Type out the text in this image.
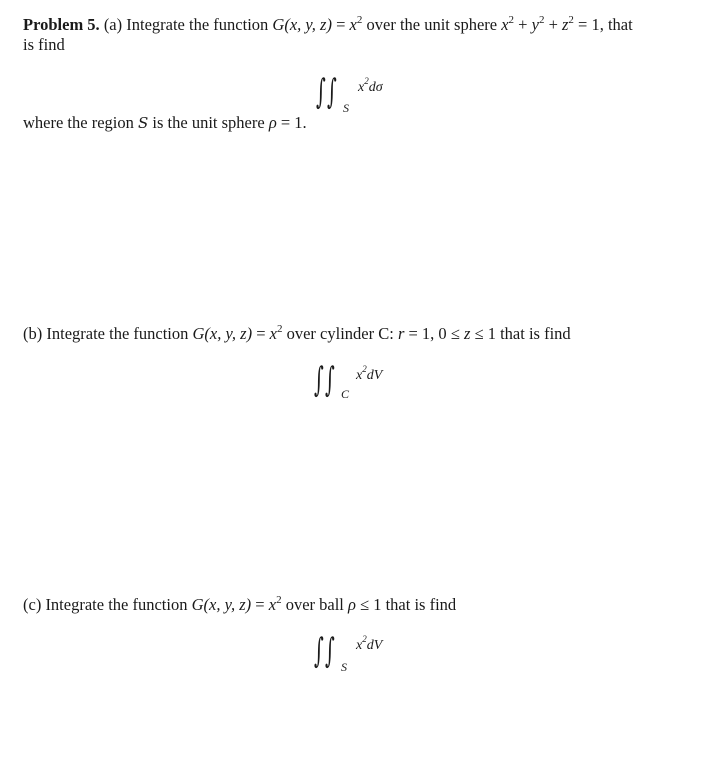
Problem 5. (a) Integrate the function G(x, y, $z) = x^2$ over the unit sphere $x^2 + y^2 + z^2 = 1$, that
is find

∫ ∫ S
$x^2d\sigma$

where the region S is the unit sphere ρ = 1.

(b) Integrate the function G(x, y, $z) = x^2$ over cylinder C: r = 1, 0 ≤ z ≤ 1 that is find

∫ ∫ C
$x^2dV$

(c) Integrate the function G(x, y, $z) = x^2$ over ball ρ ≤ 1 that is find

∫ ∫ S
$x^2dV$
